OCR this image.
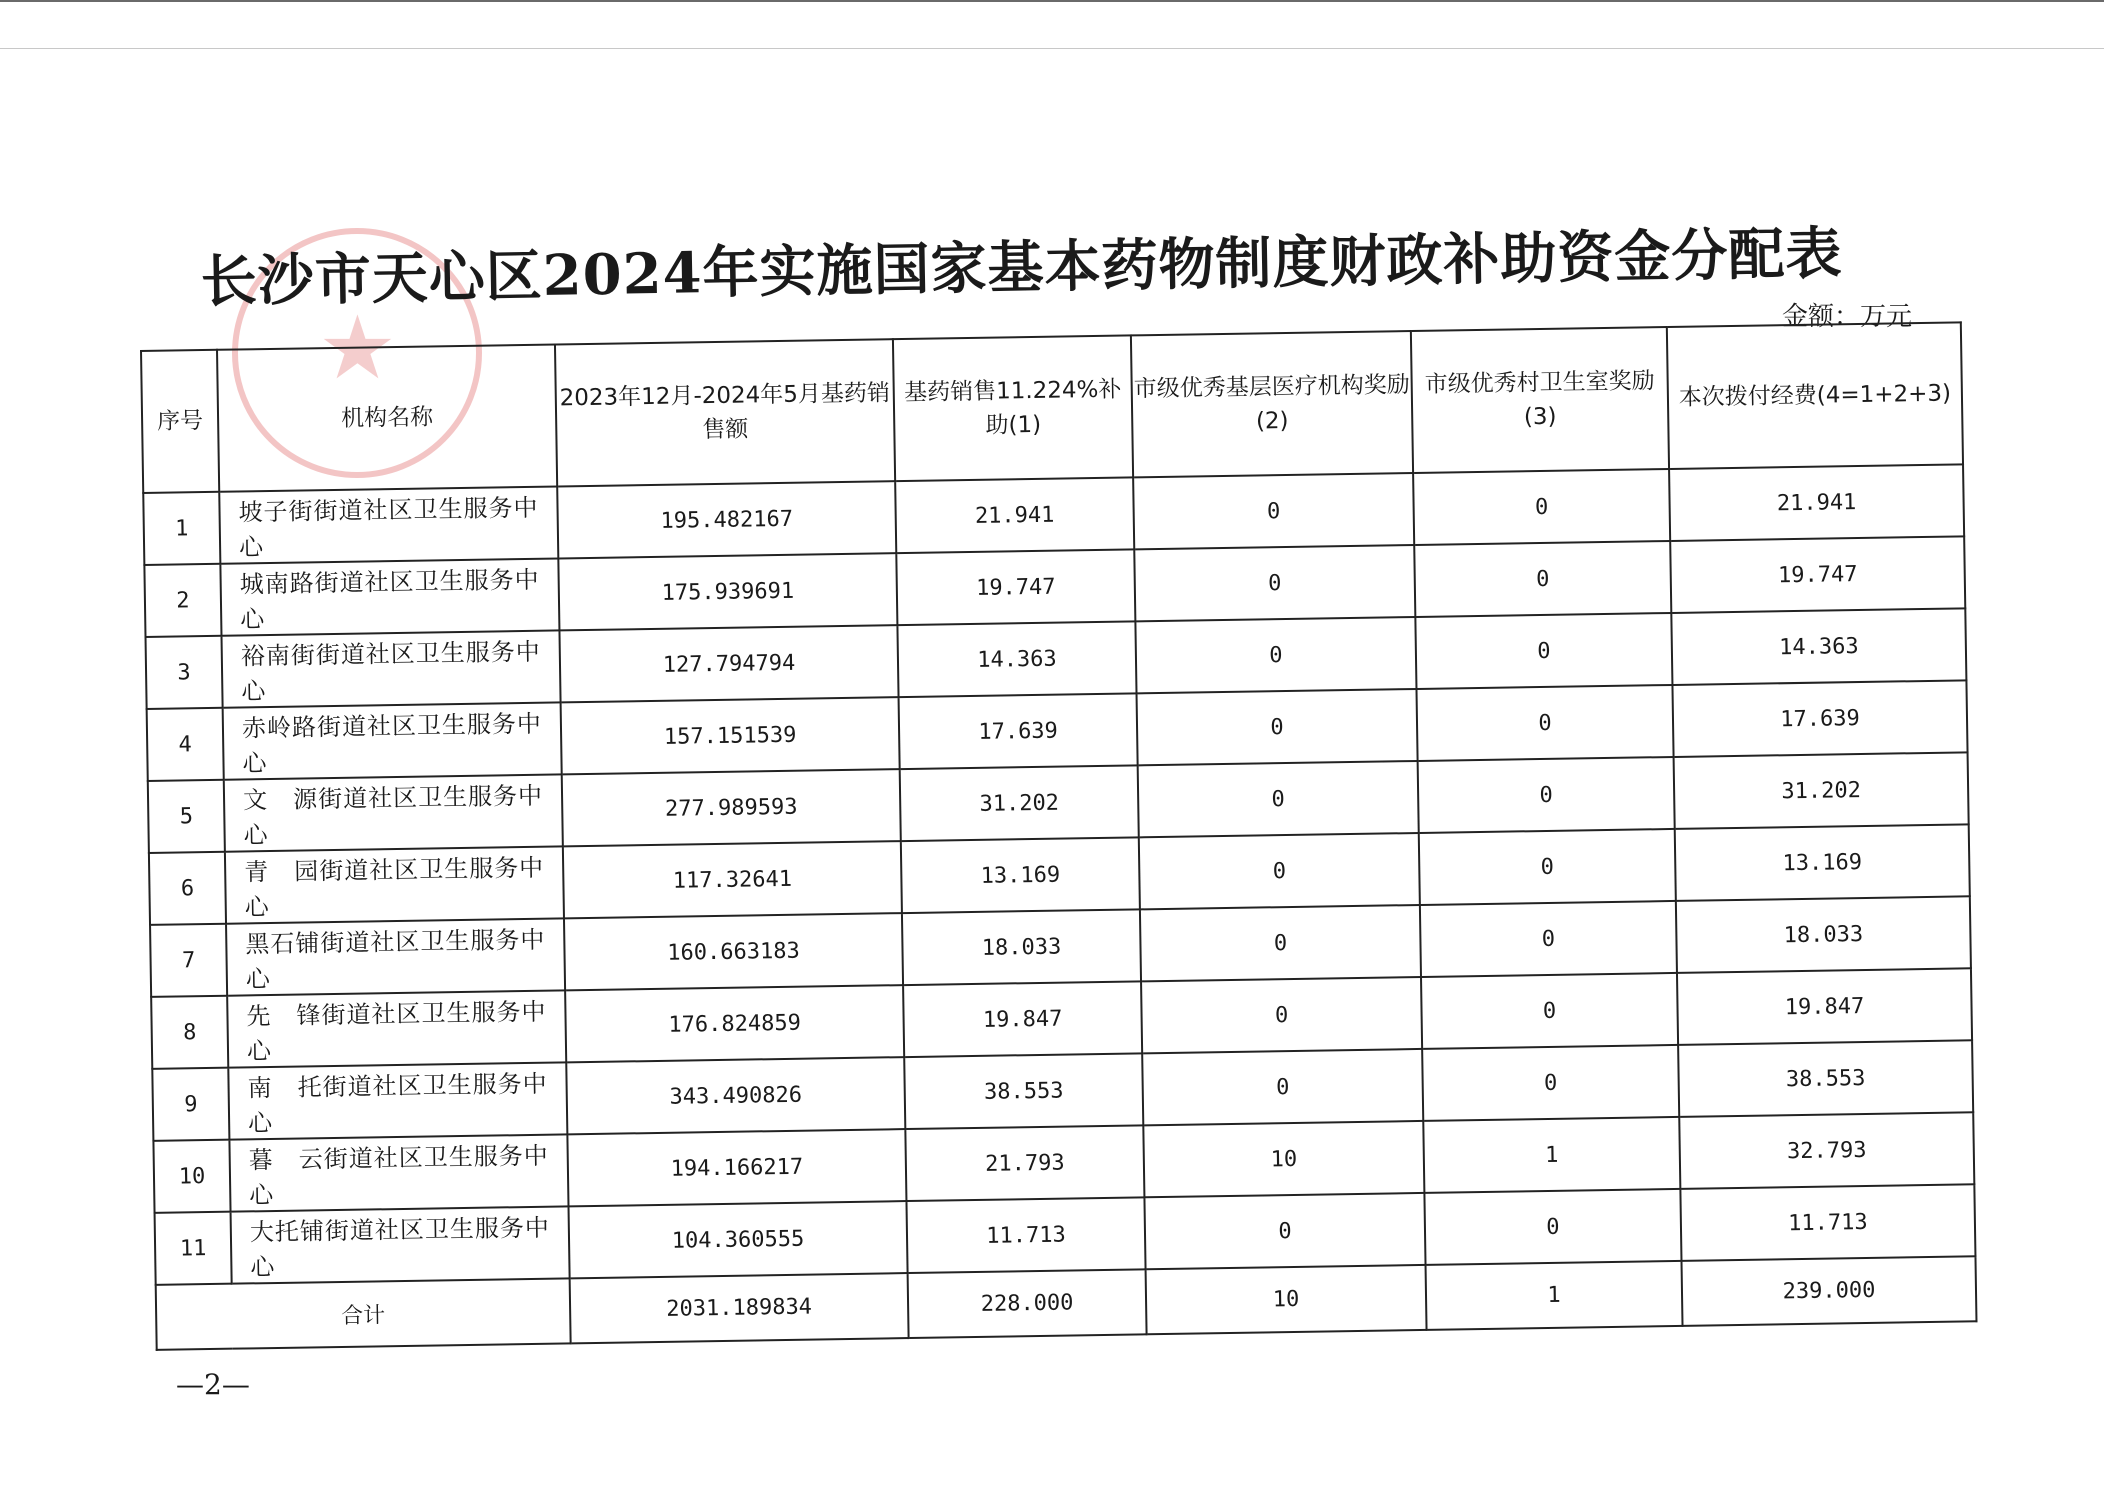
★
长沙市天心区2024年实施国家基本药物制度财政补助资金分配表
金额：万元
序号	机构名称	2023年12月-2024年5月基药销售额	基药销售11.224%补助(1)	市级优秀基层医疗机构奖励(2)	市级优秀村卫生室奖励(3)	本次拨付经费(4=1+2+3)
1	坡子街街道社区卫生服务中心	195.482167	21.941	0	0	21.941
2	城南路街道社区卫生服务中心	175.939691	19.747	0	0	19.747
3	裕南街街道社区卫生服务中心	127.794794	14.363	0	0	14.363
4	赤岭路街道社区卫生服务中心	157.151539	17.639	0	0	17.639
5	文　源街道社区卫生服务中心	277.989593	31.202	0	0	31.202
6	青　园街道社区卫生服务中心	117.32641	13.169	0	0	13.169
7	黑石铺街道社区卫生服务中心	160.663183	18.033	0	0	18.033
8	先　锋街道社区卫生服务中心	176.824859	19.847	0	0	19.847
9	南　托街道社区卫生服务中心	343.490826	38.553	0	0	38.553
10	暮　云街道社区卫生服务中心	194.166217	21.793	10	1	32.793
11	大托铺街道社区卫生服务中心	104.360555	11.713	0	0	11.713
合计		2031.189834	228.000	10	1	239.000
—2—
